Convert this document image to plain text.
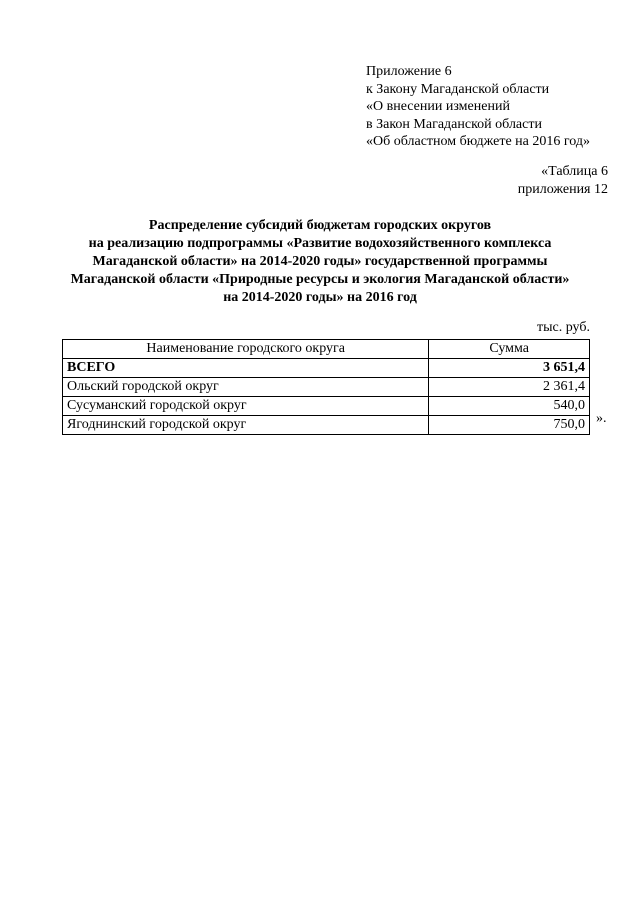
Приложение 6
к Закону Магаданской области
«О внесении изменений
в Закон Магаданской области
«Об областном бюджете на 2016 год»
«Таблица 6
приложения 12
Распределение субсидий бюджетам городских округов
на реализацию подпрограммы «Развитие водохозяйственного комплекса
Магаданской области» на 2014-2020 годы» государственной программы
Магаданской области «Природные ресурсы и экология Магаданской области»
на 2014-2020 годы» на 2016 год
тыс. руб.
Наименование городского округа	Сумма
ВСЕГО	3 651,4
Ольский городской округ	2 361,4
Сусуманский городской округ	540,0
Ягоднинский городской округ	750,0 ».
